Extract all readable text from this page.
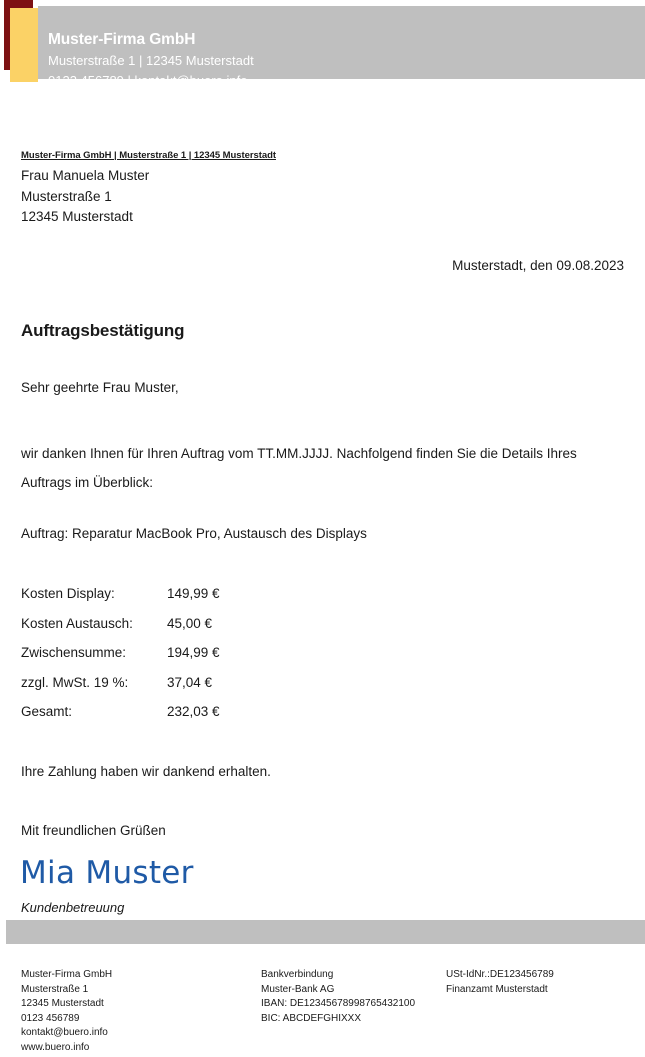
Muster-Firma GmbH
Musterstraße 1 | 12345 Musterstadt
0123 456789 | kontakt@buero.info
Muster-Firma GmbH | Musterstraße 1 | 12345 Musterstadt
Frau Manuela Muster
Musterstraße 1
12345 Musterstadt
Musterstadt, den 09.08.2023
Auftragsbestätigung
Sehr geehrte Frau Muster,
wir danken Ihnen für Ihren Auftrag vom TT.MM.JJJJ. Nachfolgend finden Sie die Details Ihres Auftrags im Überblick:
Auftrag: Reparatur MacBook Pro, Austausch des Displays
Kosten Display:	149,99 €
Kosten Austausch:	45,00 €
Zwischensumme:	194,99 €
zzgl. MwSt. 19 %:	37,04 €
Gesamt:	232,03 €
Ihre Zahlung haben wir dankend erhalten.
Mit freundlichen Grüßen
Mia Muster
Kundenbetreuung
Muster-Firma GmbH
Musterstraße 1
12345 Musterstadt
0123 456789
kontakt@buero.info
www.buero.info
Bankverbindung
Muster-Bank AG
IBAN: DE12345678998765432100
BIC: ABCDEFGHIXXX
USt-IdNr.:DE123456789
Finanzamt Musterstadt
